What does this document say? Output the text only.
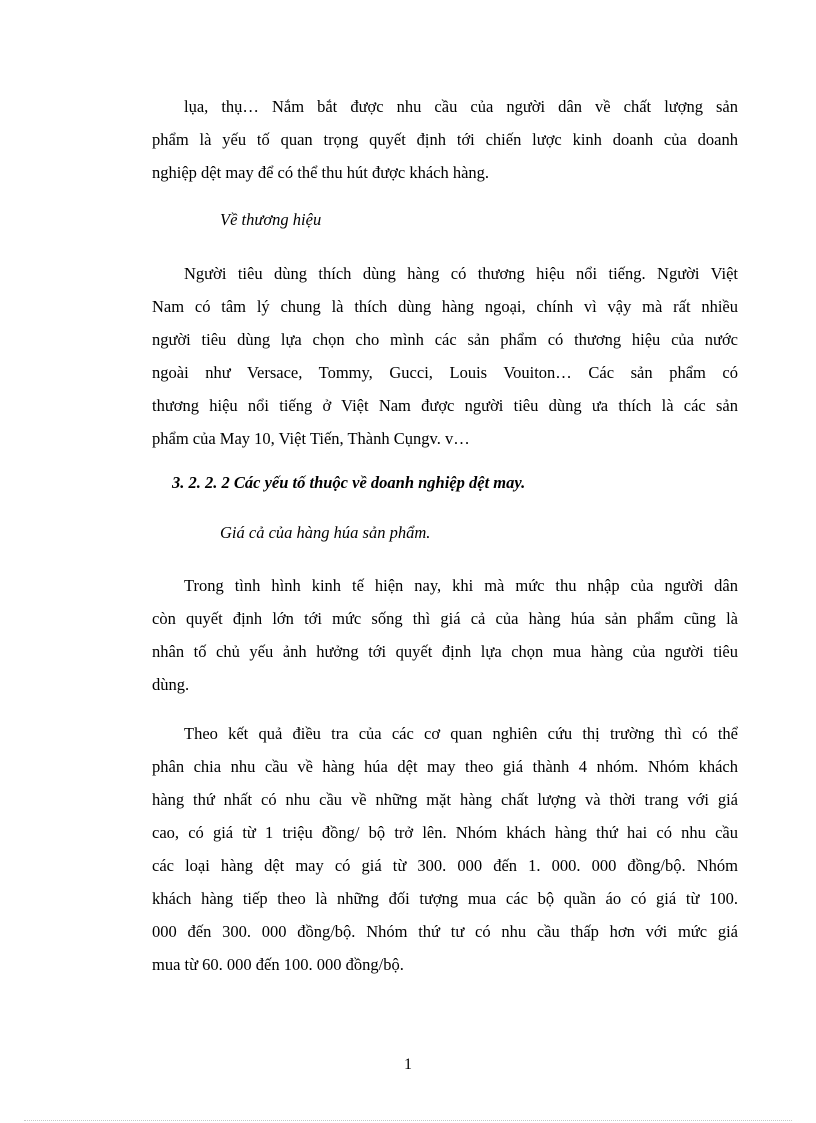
lụa, thụ… Nắm bắt được nhu cầu của người dân về chất lượng sản
phẩm là yếu tố quan trọng quyết định tới chiến lược kinh doanh của doanh
nghiệp dệt may để có thể thu hút được khách hàng.

Về thương hiệu

Người tiêu dùng thích dùng hàng có thương hiệu nổi tiếng. Người Việt
Nam có tâm lý chung là thích dùng hàng ngoại, chính vì vậy mà rất nhiều
người tiêu dùng lựa chọn cho mình các sản phẩm có thương hiệu của nước
ngoài như Versace, Tommy, Gucci, Louis Vouiton… Các sản phẩm có
thương hiệu nổi tiếng ở Việt Nam được người tiêu dùng ưa thích là các sản
phẩm của May 10, Việt Tiến, Thành Cụngv. v…

3. 2. 2. 2 Các yếu tố thuộc về doanh nghiệp dệt may.

Giá cả của hàng húa sản phẩm.

Trong tình hình kinh tế hiện nay, khi mà mức thu nhập của người dân
còn quyết định lớn tới mức sống thì giá cả của hàng húa sản phẩm cũng là
nhân tố chủ yếu ảnh hưởng tới quyết định lựa chọn mua hàng của người tiêu
dùng.
Theo kết quả điều tra của các cơ quan nghiên cứu thị trường thì có thể
phân chia nhu cầu về hàng húa dệt may theo giá thành 4 nhóm. Nhóm khách
hàng thứ nhất có nhu cầu về những mặt hàng chất lượng và thời trang với giá
cao, có giá từ 1 triệu đồng/ bộ trở lên. Nhóm khách hàng thứ hai có nhu cầu
các loại hàng dệt may có giá từ 300. 000 đến 1. 000. 000 đồng/bộ. Nhóm
khách hàng tiếp theo là những đối tượng mua các bộ quần áo có giá từ 100.
000 đến 300. 000 đồng/bộ. Nhóm thứ tư có nhu cầu thấp hơn với mức giá
mua từ 60. 000 đến 100. 000 đồng/bộ.
1
